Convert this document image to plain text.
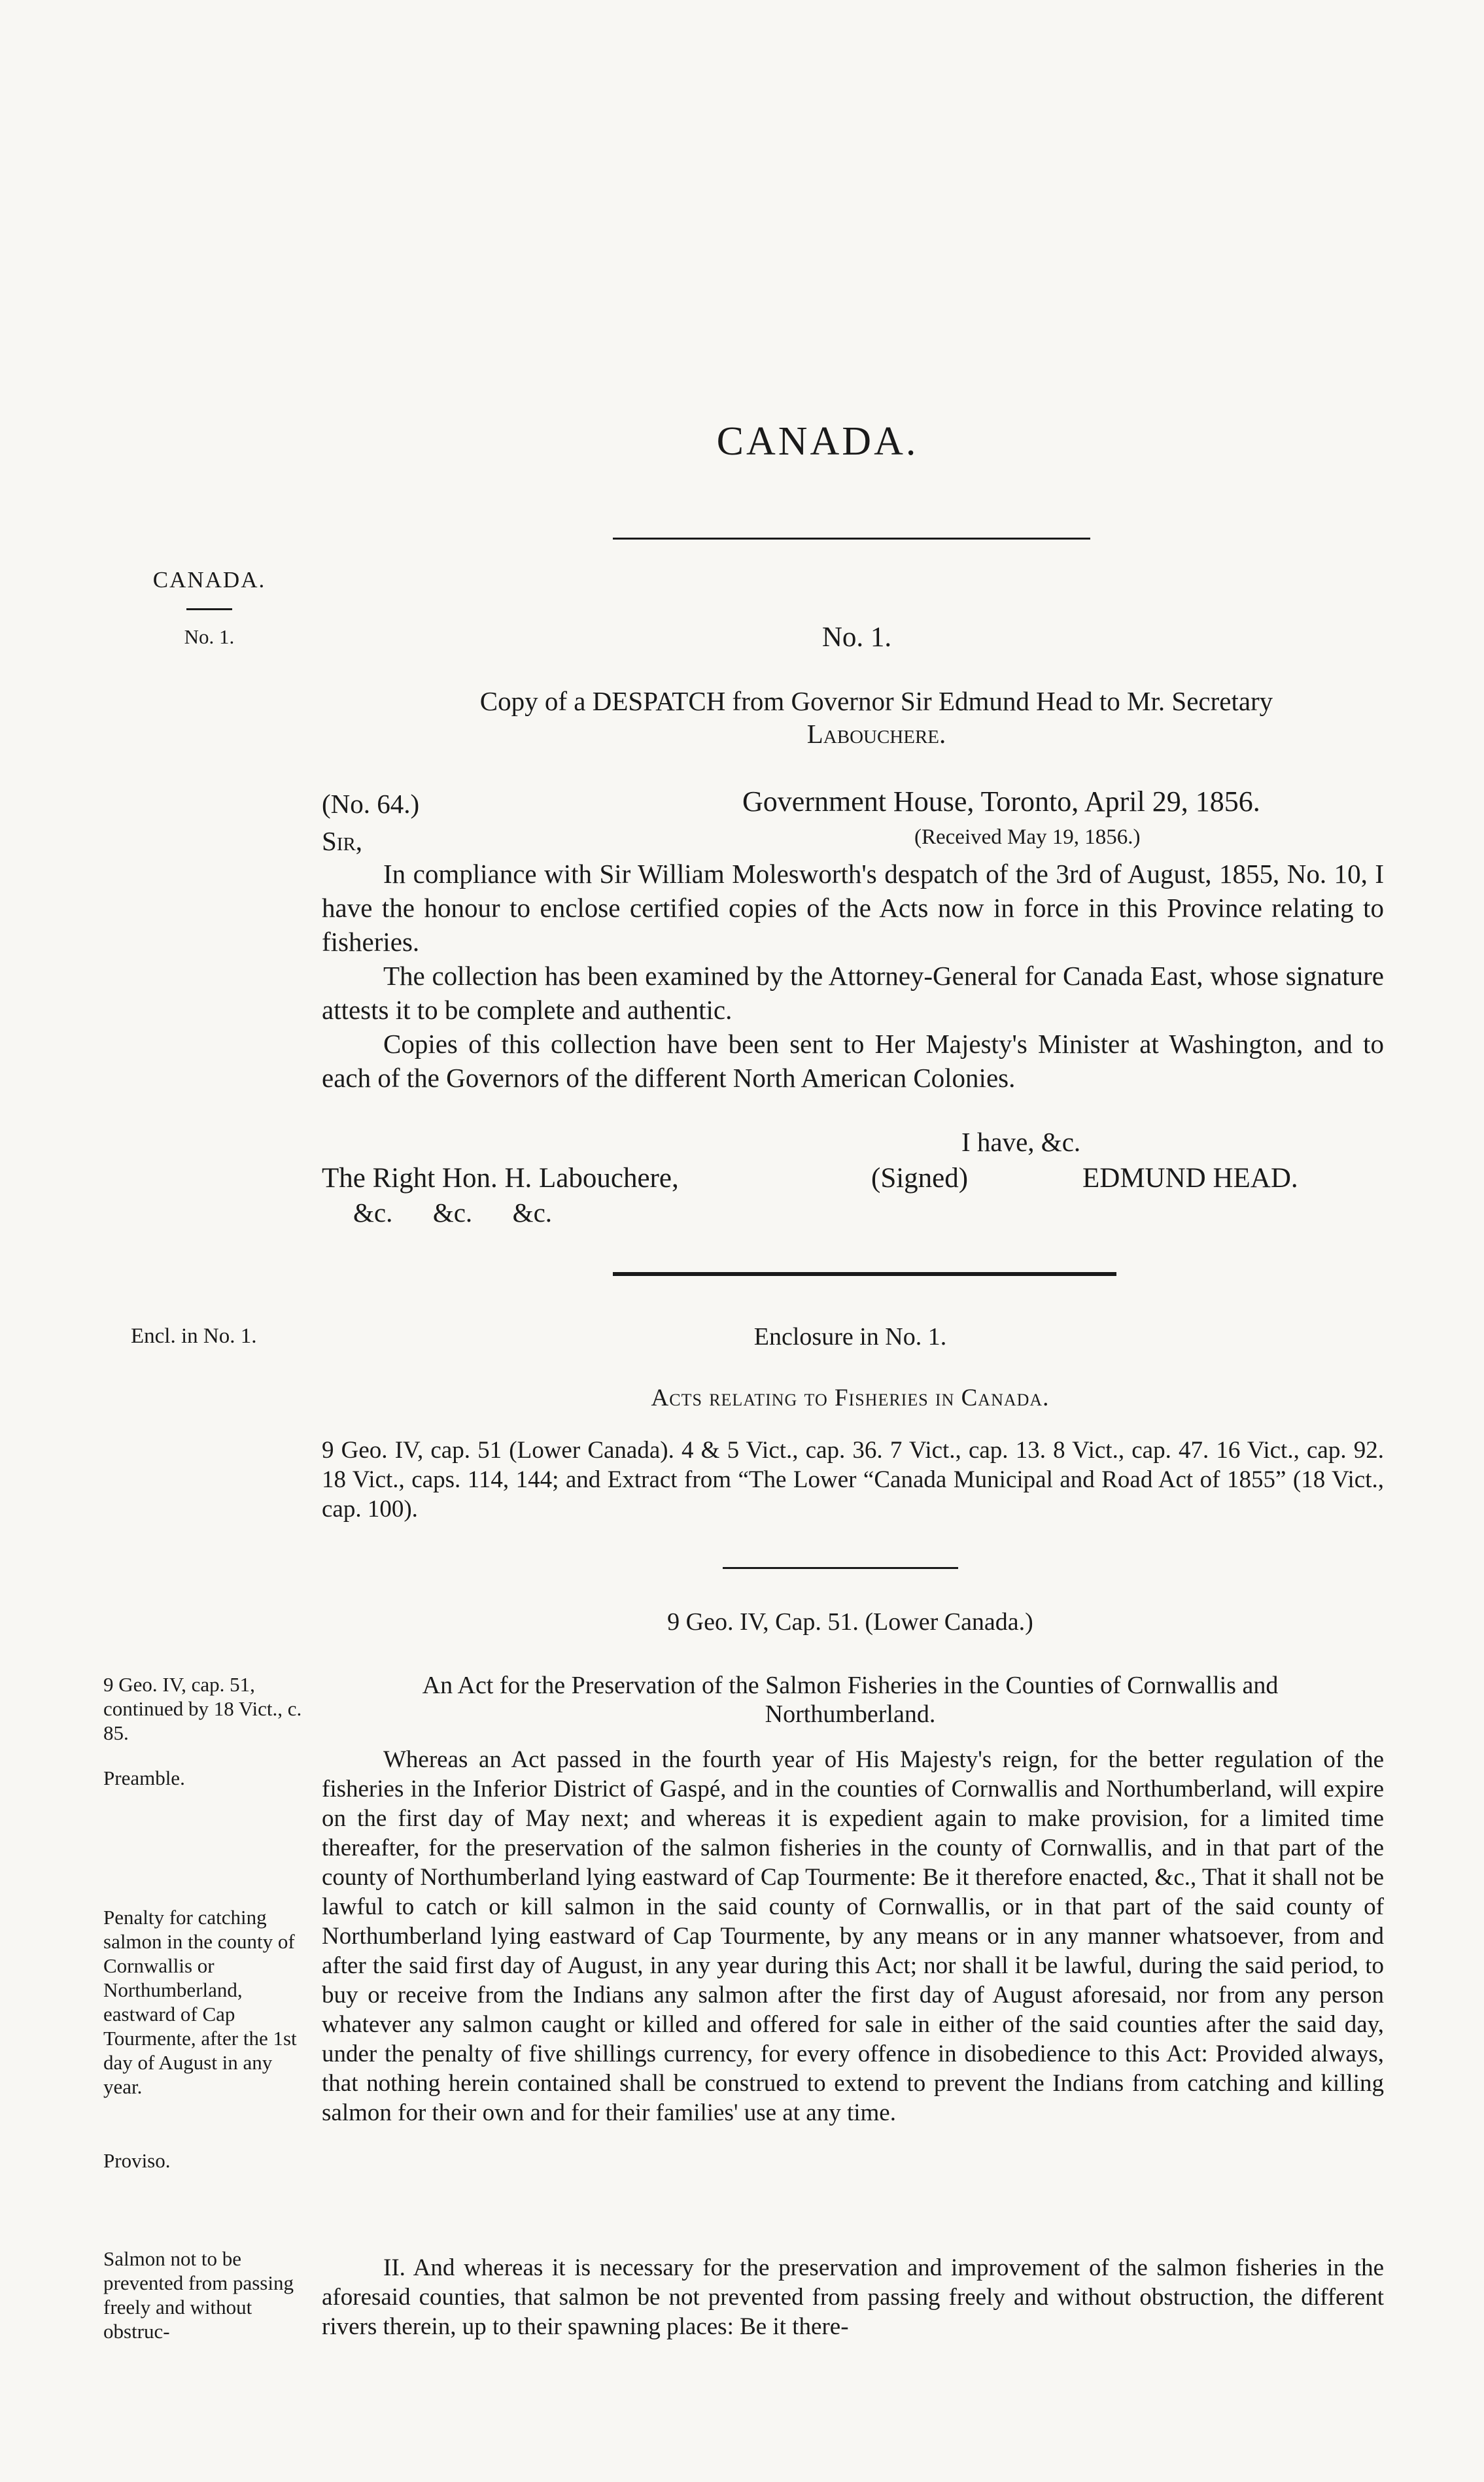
CANADA.
CANADA.
No. 1.	No. 1.
Copy of a DESPATCH from Governor Sir Edmund Head to Mr. Secretary
Labouchere.
(No. 64.)	Government House, Toronto, April 29, 1856.
Sir,	(Received May 19, 1856.)

In compliance with Sir William Molesworth's despatch of the 3rd of August, 1855, No. 10, I have the honour to enclose certified copies of the Acts now in force in this Province relating to fisheries.

The collection has been examined by the Attorney-General for Canada East, whose signature attests it to be complete and authentic.

Copies of this collection have been sent to Her Majesty's Minister at Washington, and to each of the Governors of the different North American Colonies.

I have, &c.
The Right Hon. H. Labouchere,	(Signed)	EDMUND HEAD.
&c.      &c.      &c.
Encl. in No. 1.	Enclosure in No. 1.
Acts relating to Fisheries in Canada.

9 Geo. IV, cap. 51 (Lower Canada). 4 & 5 Vict., cap. 36. 7 Vict., cap. 13. 8 Vict., cap. 47. 16 Vict., cap. 92. 18 Vict., caps. 114, 144; and Extract from “The Lower “Canada Municipal and Road Act of 1855” (18 Vict., cap. 100).

9 Geo. IV, Cap. 51. (Lower Canada.)
9 Geo. IV, cap. 51, continued by 18 Vict., c. 85.
Preamble.
Penalty for catching salmon in the county of Cornwallis or Northumberland, eastward of Cap Tourmente, after the 1st day of August in any year.
Proviso.
Salmon not to be prevented from passing freely and without obstruc-
An Act for the Preservation of the Salmon Fisheries in the Counties of Cornwallis and Northumberland.

Whereas an Act passed in the fourth year of His Majesty's reign, for the better regulation of the fisheries in the Inferior District of Gaspé, and in the counties of Cornwallis and Northumberland, will expire on the first day of May next; and whereas it is expedient again to make provision, for a limited time thereafter, for the preservation of the salmon fisheries in the county of Cornwallis, and in that part of the county of Northumberland lying eastward of Cap Tourmente: Be it therefore enacted, &c., That it shall not be lawful to catch or kill salmon in the said county of Cornwallis, or in that part of the said county of Northumberland lying eastward of Cap Tourmente, by any means or in any manner whatsoever, from and after the said first day of August, in any year during this Act; nor shall it be lawful, during the said period, to buy or receive from the Indians any salmon after the first day of August aforesaid, nor from any person whatever any salmon caught or killed and offered for sale in either of the said counties after the said day, under the penalty of five shillings currency, for every offence in disobedience to this Act: Provided always, that nothing herein contained shall be construed to extend to prevent the Indians from catching and killing salmon for their own and for their families' use at any time.

II. And whereas it is necessary for the preservation and improvement of the salmon fisheries in the aforesaid counties, that salmon be not prevented from passing freely and without obstruction, the different rivers therein, up to their spawning places: Be it there-
